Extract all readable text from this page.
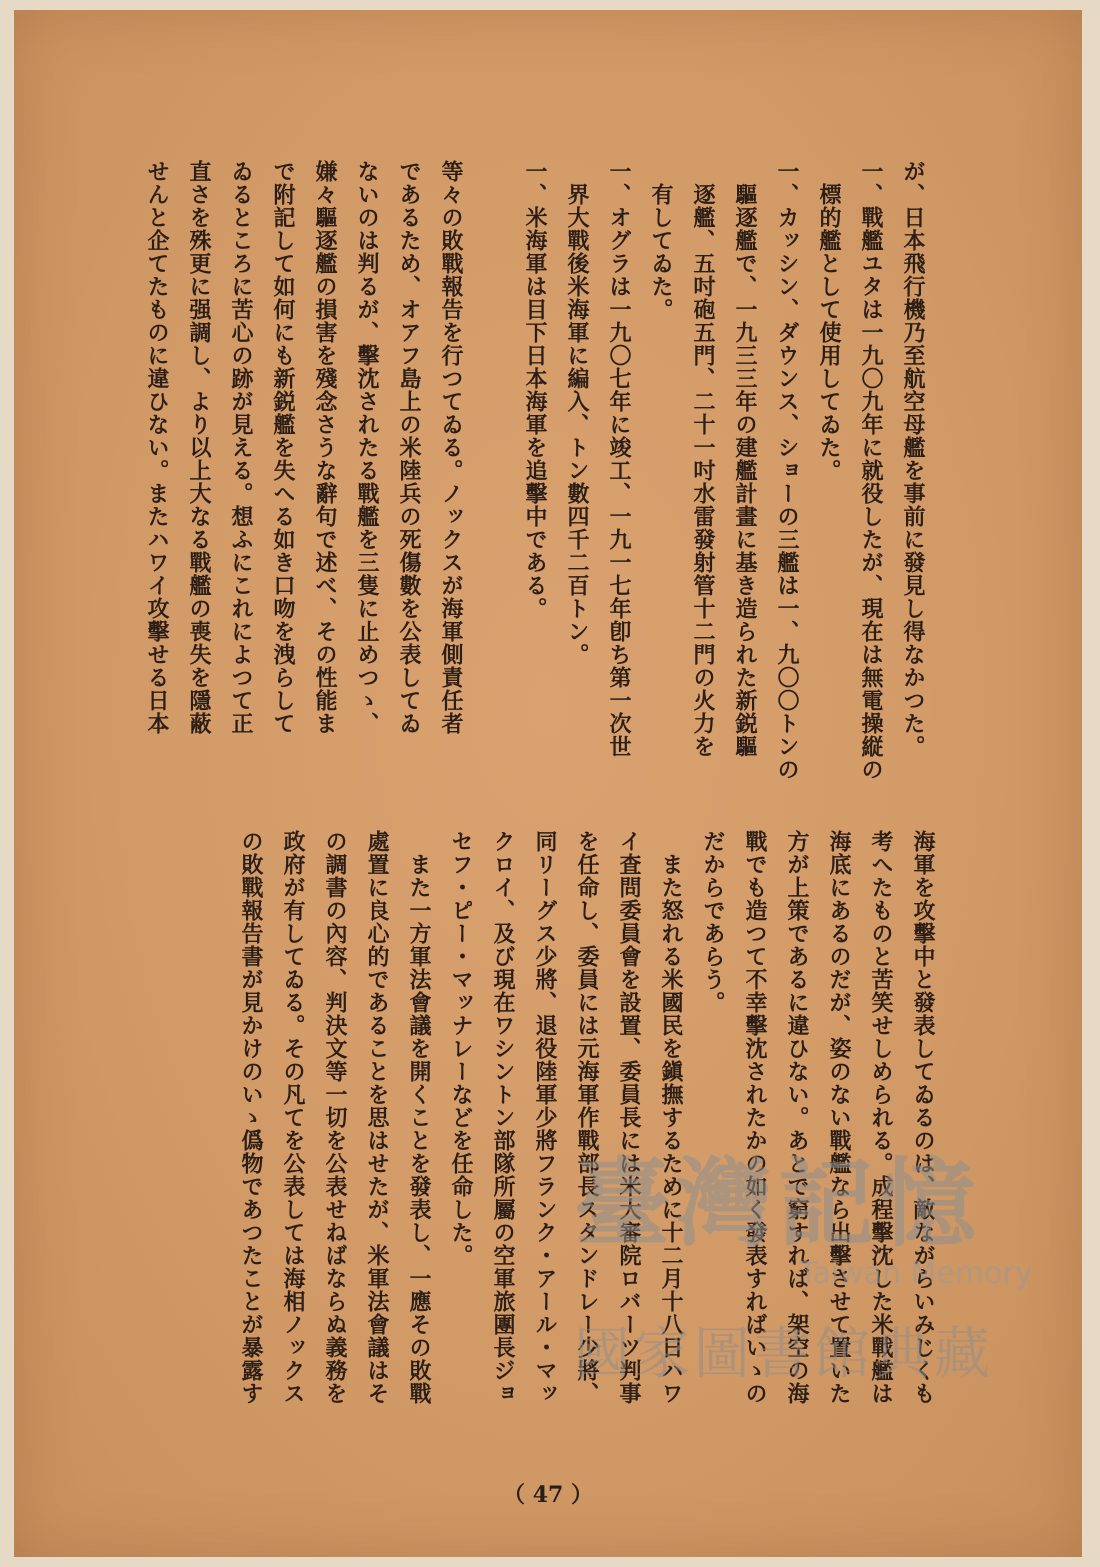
が、日本飛行機乃至航空母艦を事前に發見し得なかつた。
一、戰艦ユタは一九〇九年に就役したが、現在は無電操縦の
　標的艦として使用してゐた。
一、カッシン、ダウンス、ショーの三艦は一、九〇〇トンの
　驅逐艦で、一九三三年の建艦計畫に基き造られた新鋭驅
　逐艦、五吋砲五門、二十一吋水雷發射管十二門の火力を
　有してゐた。
一、オグラは一九〇七年に竣工、一九一七年卽ち第一次世
　界大戰後米海軍に編入、トン數四千二百トン。
一、米海軍は目下日本海軍を追擊中である。
等々の敗戰報告を行つてゐる。ノックスが海軍側責任者
であるため、オアフ島上の米陸兵の死傷數を公表してゐ
ないのは判るが、擊沈されたる戰艦を三隻に止めつゝ、
嫌々驅逐艦の損害を殘念さうな辭句で述べ、その性能ま
で附記して如何にも新鋭艦を失へる如き口吻を洩らして
ゐるところに苦心の跡が見える。想ふにこれによつて正
直さを殊更に强調し、より以上大なる戰艦の喪失を隱蔽
せんと企てたものに違ひない。またハワイ攻擊せる日本
海軍を攻擊中と發表してゐるのは、敵ながらいみじくも
考へたものと苦笑せしめられる。成程擊沈した米戰艦は
海底にあるのだが、姿のない戰艦なら出擊させて置いた
方が上策であるに違ひない。あとで窮すれば、架空の海
戰でも造つて不幸擊沈されたかの如く發表すればいゝの
だからであらう。
　また怒れる米國民を鎭撫するために十二月十八日ハワ
イ査問委員會を設置、委員長には米大審院ロバーツ判事
を任命し、委員には元海軍作戰部長スタンドレー少將、
同リーグス少將、退役陸軍少將フランク・アール・マッ
クロイ、及び現在ワシントン部隊所屬の空軍旅團長ジョ
セフ・ピー・マッナレーなどを任命した。
　また一方軍法會議を開くことを發表し、一應その敗戰
處置に良心的であることを思はせたが、米軍法會議はそ
の調書の內容、判決文等一切を公表せねばならぬ義務を
政府が有してゐる。その凡てを公表しては海相ノックス
の敗戰報告書が見かけのいゝ僞物であつたことが暴露す	臺灣記憶
Taiwan Memory
國家圖書館典藏
（ 47 ）
